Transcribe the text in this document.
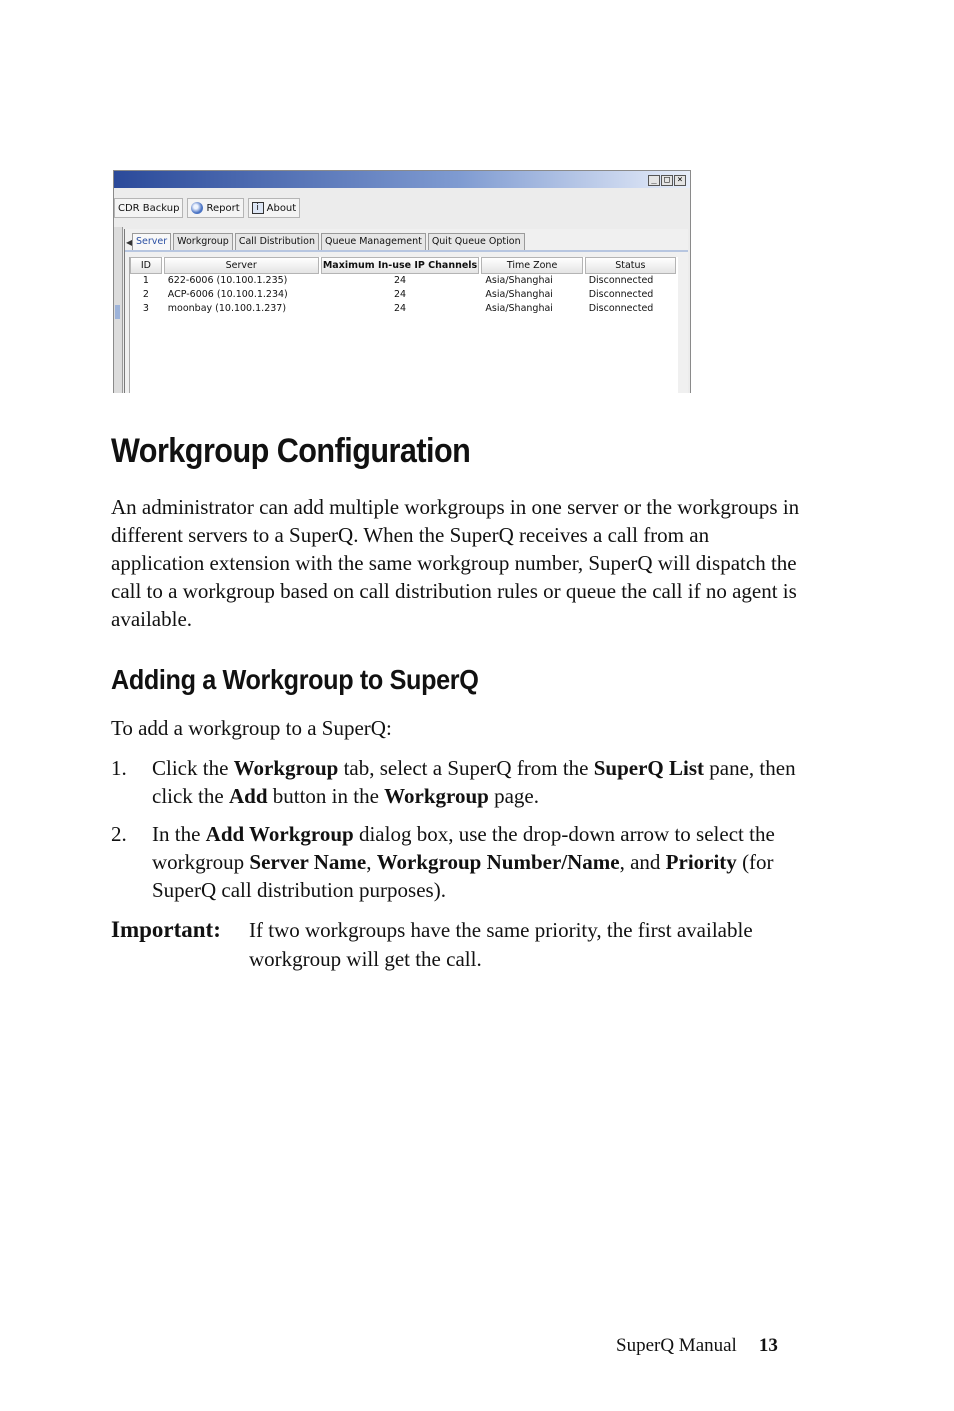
_ □ ×
CDR Backup	Report	i About
◀ Server	Workgroup	Call Distribution	Queue Management	Quit Queue Option
ID	Server	Maximum In-use IP Channels	Time Zone	Status
1	622-6006 (10.100.1.235)	24	Asia/Shanghai	Disconnected
2	ACP-6006 (10.100.1.234)	24	Asia/Shanghai	Disconnected
3	moonbay (10.100.1.237)	24	Asia/Shanghai	Disconnected
Workgroup Configuration

An administrator can add multiple workgroups in one server or the workgroups in different servers to a SuperQ. When the SuperQ receives a call from an application extension with the same workgroup number, SuperQ will dispatch the call to a workgroup based on call distribution rules or queue the call if no agent is available.

Adding a Workgroup to SuperQ

To add a workgroup to a SuperQ:

1. Click the Workgroup tab, select a SuperQ from the SuperQ List pane, then click the Add button in the Workgroup page.
2. In the Add Workgroup dialog box, use the drop-down arrow to select the workgroup Server Name, Workgroup Number/Name, and Priority (for SuperQ call distribution purposes).
Important: If two workgroups have the same priority, the first available workgroup will get the call.
SuperQ Manual 13
